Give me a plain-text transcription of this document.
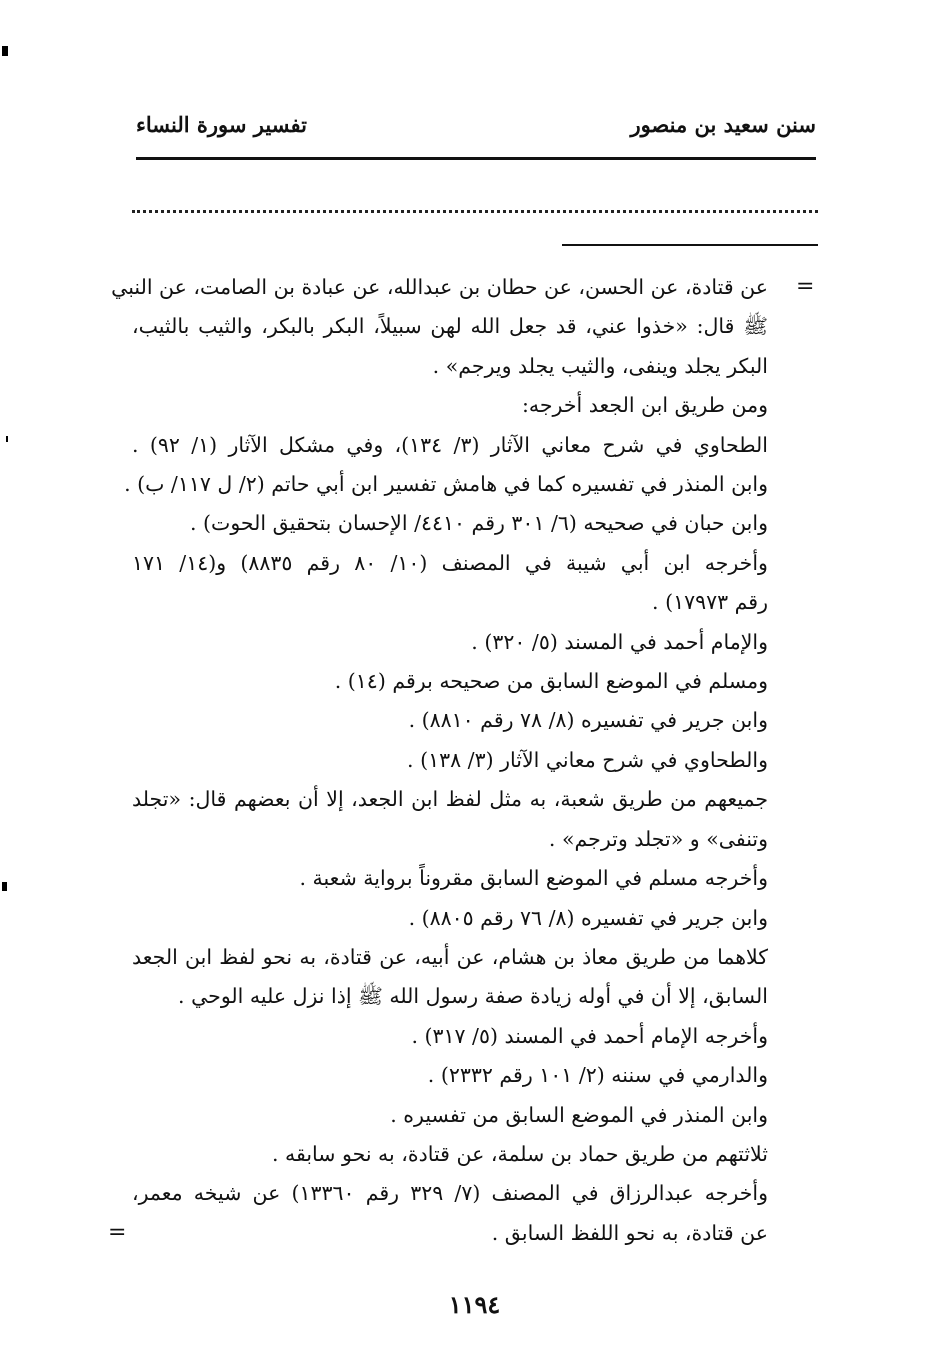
سنن سعيد بن منصور
تفسير سورة النساء
=
عن قتادة، عن الحسن، عن حطان بن عبدالله، عن عبادة بن الصامت، عن النبي
ﷺ قال: «خذوا عني، قد جعل الله لهن سبيلاً، البكر بالبكر، والثيب بالثيب،
البكر يجلد وينفى، والثيب يجلد ويرجم» .
ومن طريق ابن الجعد أخرجه:
الطحاوي في شرح معاني الآثار (٣/ ١٣٤)، وفي مشكل الآثار (١/ ٩٢) .
وابن المنذر في تفسيره كما في هامش تفسير ابن أبي حاتم (٢/ ل ١١٧/ ب) .
وابن حبان في صحيحه (٦/ ٣٠١ رقم ٤٤١٠/ الإحسان بتحقيق الحوت) .
وأخرجه ابن أبي شيبة في المصنف (١٠/ ٨٠ رقم ٨٨٣٥) و(١٤/ ١٧١
رقم ١٧٩٧٣) .
والإمام أحمد في المسند (٥/ ٣٢٠) .
ومسلم في الموضع السابق من صحيحه برقم (١٤) .
وابن جرير في تفسيره (٨/ ٧٨ رقم ٨٨١٠) .
والطحاوي في شرح معاني الآثار (٣/ ١٣٨) .
جميعهم من طريق شعبة، به مثل لفظ ابن الجعد، إلا أن بعضهم قال: «تجلد
وتنفى» و «تجلد وترجم» .
وأخرجه مسلم في الموضع السابق مقروناً برواية شعبة .
وابن جرير في تفسيره (٨/ ٧٦ رقم ٨٨٠٥) .
كلاهما من طريق معاذ بن هشام، عن أبيه، عن قتادة، به نحو لفظ ابن الجعد
السابق، إلا أن في أوله زيادة صفة رسول الله ﷺ إذا نزل عليه الوحي .
وأخرجه الإمام أحمد في المسند (٥/ ٣١٧) .
والدارمي في سننه (٢/ ١٠١ رقم ٢٣٣٢) .
وابن المنذر في الموضع السابق من تفسيره .
ثلاثتهم من طريق حماد بن سلمة، عن قتادة، به نحو سابقه .
وأخرجه عبدالرزاق في المصنف (٧/ ٣٢٩ رقم ١٣٣٦٠) عن شيخه معمر،
عن قتادة، به نحو اللفظ السابق .
=
١١٩٤
